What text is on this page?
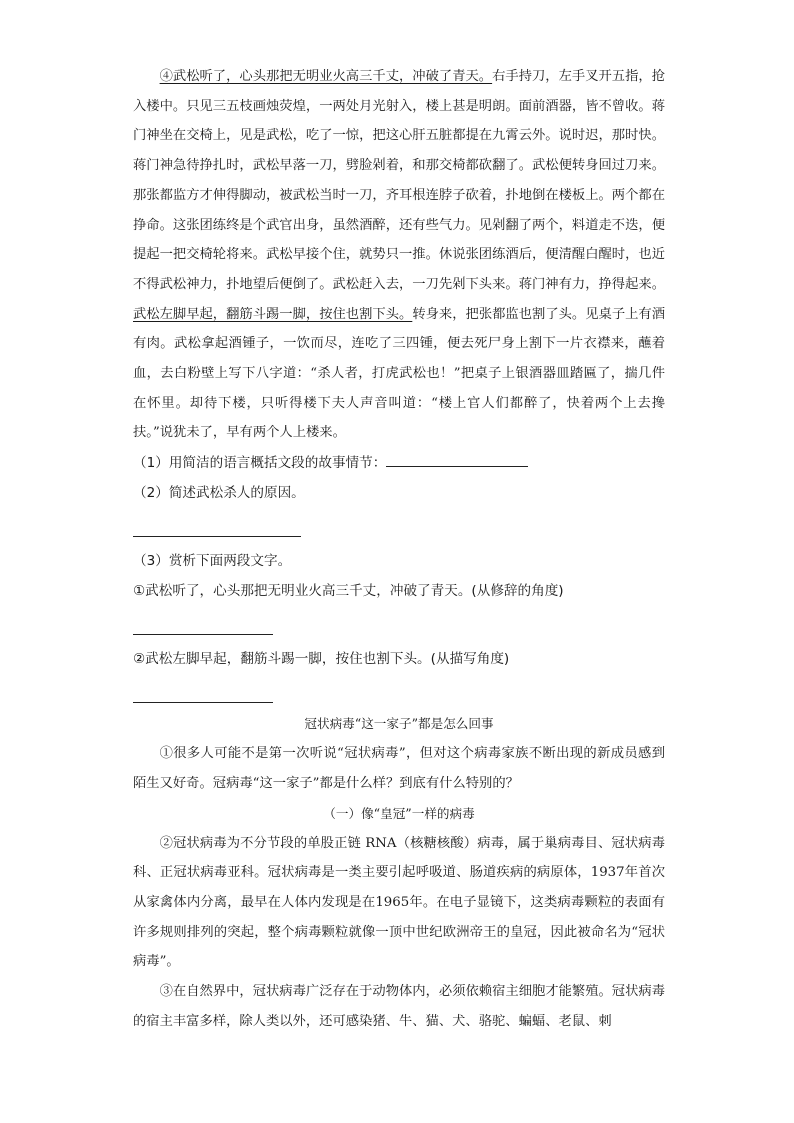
④武松听了，心头那把无明业火高三千丈，冲破了青天。右手持刀，左手叉开五指，抢入楼中。只见三五枝画烛荧煌，一两处月光射入，楼上甚是明朗。面前酒器，皆不曾收。蒋门神坐在交椅上，见是武松，吃了一惊，把这心肝五脏都提在九霄云外。说时迟，那时快。蒋门神急待挣扎时，武松早落一刀，劈脸剁着，和那交椅都砍翻了。武松便转身回过刀来。那张都监方才伸得脚动，被武松当时一刀，齐耳根连脖子砍着，扑地倒在楼板上。两个都在挣命。这张团练终是个武官出身，虽然酒醉，还有些气力。见剁翻了两个，料道走不迭，便提起一把交椅轮将来。武松早接个住，就势只一推。休说张团练酒后，便清醒白醒时，也近不得武松神力，扑地望后便倒了。武松赶入去，一刀先剁下头来。蒋门神有力，挣得起来。武松左脚早起，翻筋斗踢一脚，按住也割下头。转身来，把张都监也割了头。见桌子上有酒有肉。武松拿起酒锺子，一饮而尽，连吃了三四锺，便去死尸身上割下一片衣襟来，蘸着血，去白粉壁上写下八字道：“杀人者，打虎武松也！”把桌子上银酒器皿踏匾了，揣几件在怀里。却待下楼，只听得楼下夫人声音叫道：“楼上官人们都醉了，快着两个上去搀扶。”说犹未了，早有两个人上楼来。

（1）用简洁的语言概括文段的故事情节：

（2）简述武松杀人的原因。

（3）赏析下面两段文字。

①武松听了，心头那把无明业火高三千丈，冲破了青天。(从修辞的角度)

②武松左脚早起，翻筋斗踢一脚，按住也割下头。(从描写角度)

冠状病毒“这一家子”都是怎么回事

①很多人可能不是第一次听说“冠状病毒”，但对这个病毒家族不断出现的新成员感到陌生又好奇。冠病毒“这一家子”都是什么样？到底有什么特别的？

（一）像“皇冠”一样的病毒

②冠状病毒为不分节段的单股正链 RNA（核糖核酸）病毒，属于巢病毒目、冠状病毒科、正冠状病毒亚科。冠状病毒是一类主要引起呼吸道、肠道疾病的病原体，1937年首次从家禽体内分离，最早在人体内发现是在1965年。在电子显镜下，这类病毒颗粒的表面有许多规则排列的突起，整个病毒颗粒就像一顶中世纪欧洲帝王的皇冠，因此被命名为“冠状病毒”。

③在自然界中，冠状病毒广泛存在于动物体内，必须依赖宿主细胞才能繁殖。冠状病毒的宿主丰富多样，除人类以外，还可感染猪、牛、猫、犬、骆驼、蝙蝠、老鼠、刺
